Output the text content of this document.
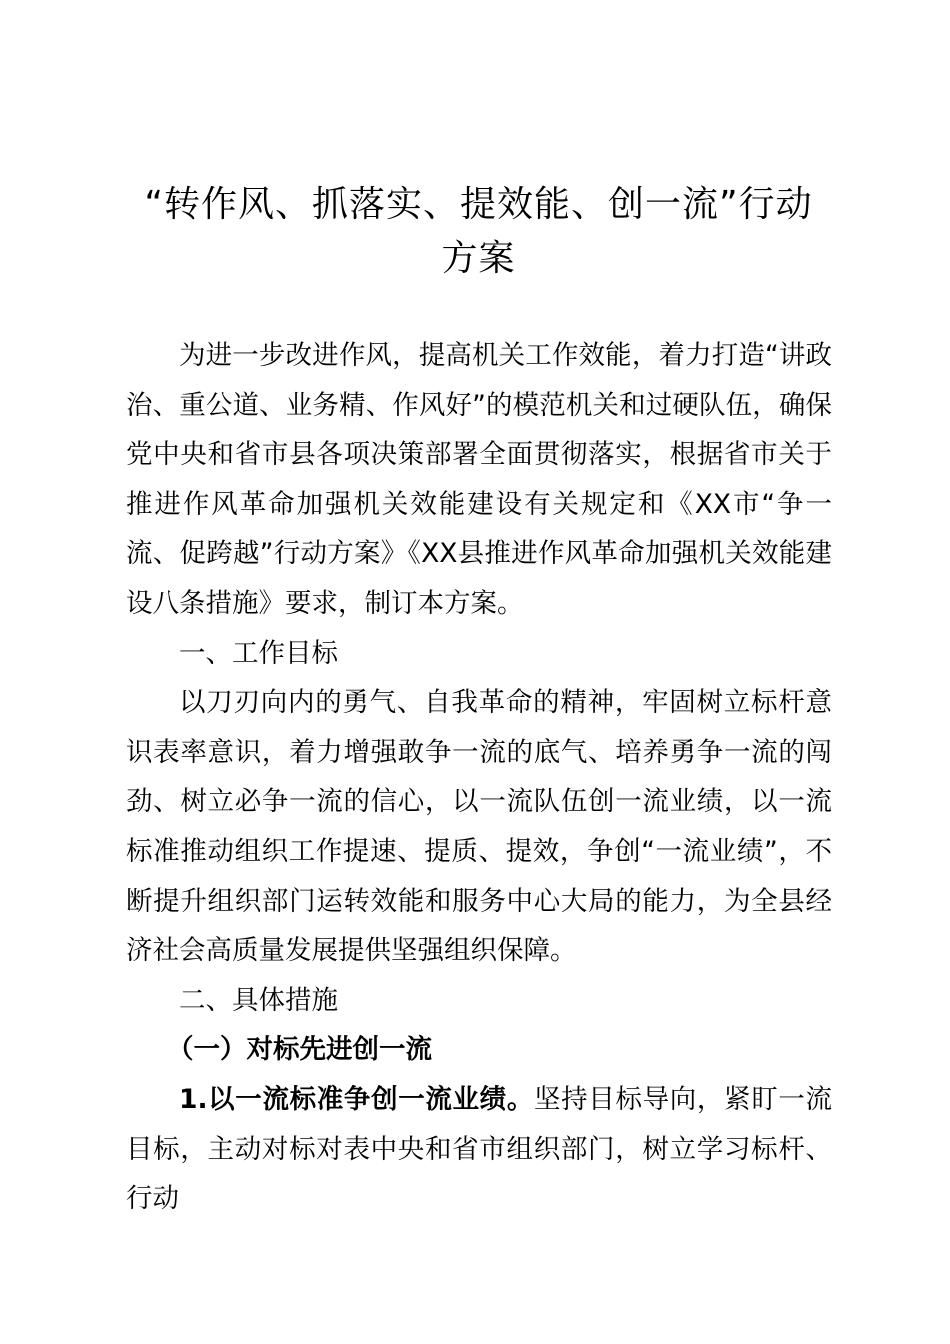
“转作风、抓落实、提效能、创一流”行动方案

为进一步改进作风，提高机关工作效能，着力打造“讲政治、重公道、业务精、作风好”的模范机关和过硬队伍，确保党中央和省市县各项决策部署全面贯彻落实，根据省市关于推进作风革命加强机关效能建设有关规定和《XX市“争一流、促跨越”行动方案》《XX县推进作风革命加强机关效能建设八条措施》要求，制订本方案。

一、工作目标

以刀刃向内的勇气、自我革命的精神，牢固树立标杆意识表率意识，着力增强敢争一流的底气、培养勇争一流的闯劲、树立必争一流的信心，以一流队伍创一流业绩，以一流标准推动组织工作提速、提质、提效，争创“一流业绩”，不断提升组织部门运转效能和服务中心大局的能力，为全县经济社会高质量发展提供坚强组织保障。

二、具体措施

（一）对标先进创一流

1.以一流标准争创一流业绩。坚持目标导向，紧盯一流目标，主动对标对表中央和省市组织部门，树立学习标杆、行动
